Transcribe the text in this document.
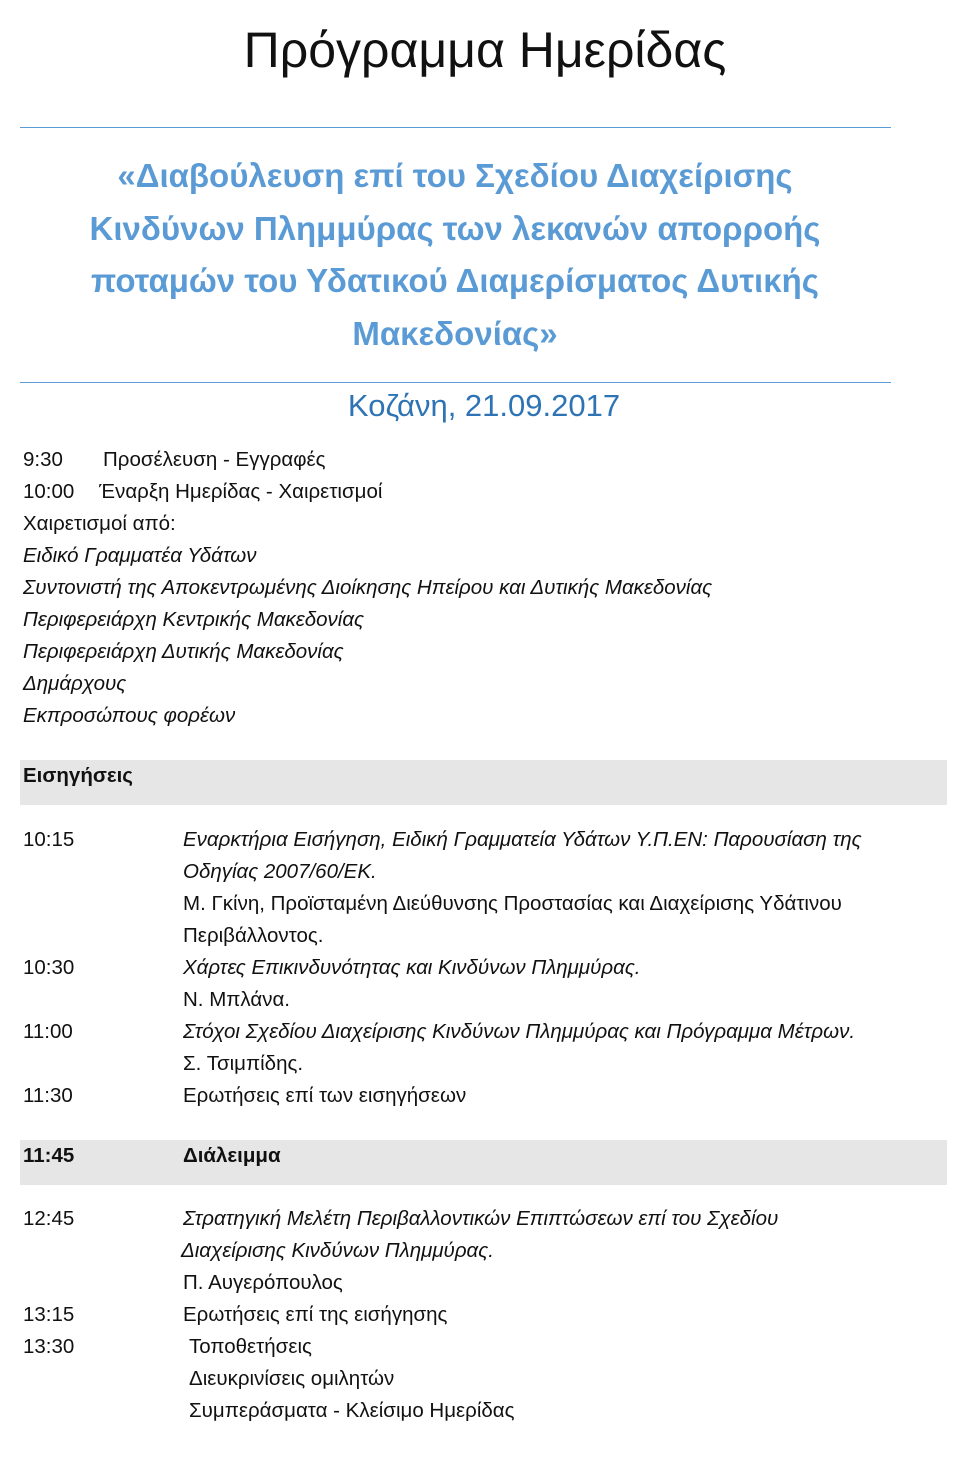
Πρόγραμμα Ημερίδας
«Διαβούλευση επί του Σχεδίου Διαχείρισης
Κινδύνων Πλημμύρας των λεκανών απορροής
ποταμών του Υδατικού Διαμερίσματος Δυτικής
Μακεδονίας»
Κοζάνη, 21.09.2017
9:30 Προσέλευση - Εγγραφές
10:00 Έναρξη Ημερίδας - Χαιρετισμοί
Χαιρετισμοί από:
Ειδικό Γραμματέα Υδάτων
Συντονιστή της Αποκεντρωμένης Διοίκησης Ηπείρου και Δυτικής Μακεδονίας
Περιφερειάρχη Κεντρικής Μακεδονίας
Περιφερειάρχη Δυτικής Μακεδονίας
Δημάρχους
Εκπροσώπους φορέων
Εισηγήσεις
10:15	Εναρκτήρια Εισήγηση, Ειδική Γραμματεία Υδάτων Υ.Π.ΕΝ: Παρουσίαση της
Οδηγίας 2007/60/ΕΚ.
Μ. Γκίνη, Προϊσταμένη Διεύθυνσης Προστασίας και Διαχείρισης Υδάτινου
Περιβάλλοντος.
10:30	Χάρτες Επικινδυνότητας και Κινδύνων Πλημμύρας.
Ν. Μπλάνα.
11:00	Στόχοι Σχεδίου Διαχείρισης Κινδύνων Πλημμύρας και Πρόγραμμα Μέτρων.
Σ. Τσιμπίδης.
11:30	Ερωτήσεις επί των εισηγήσεων
11:45	Διάλειμμα
12:45	Στρατηγική Μελέτη Περιβαλλοντικών Επιπτώσεων επί του Σχεδίου
Διαχείρισης Κινδύνων Πλημμύρας.
Π. Αυγερόπουλος
13:15	Ερωτήσεις επί της εισήγησης
13:30	Τοποθετήσεις
Διευκρινίσεις ομιλητών
Συμπεράσματα - Κλείσιμο Ημερίδας
